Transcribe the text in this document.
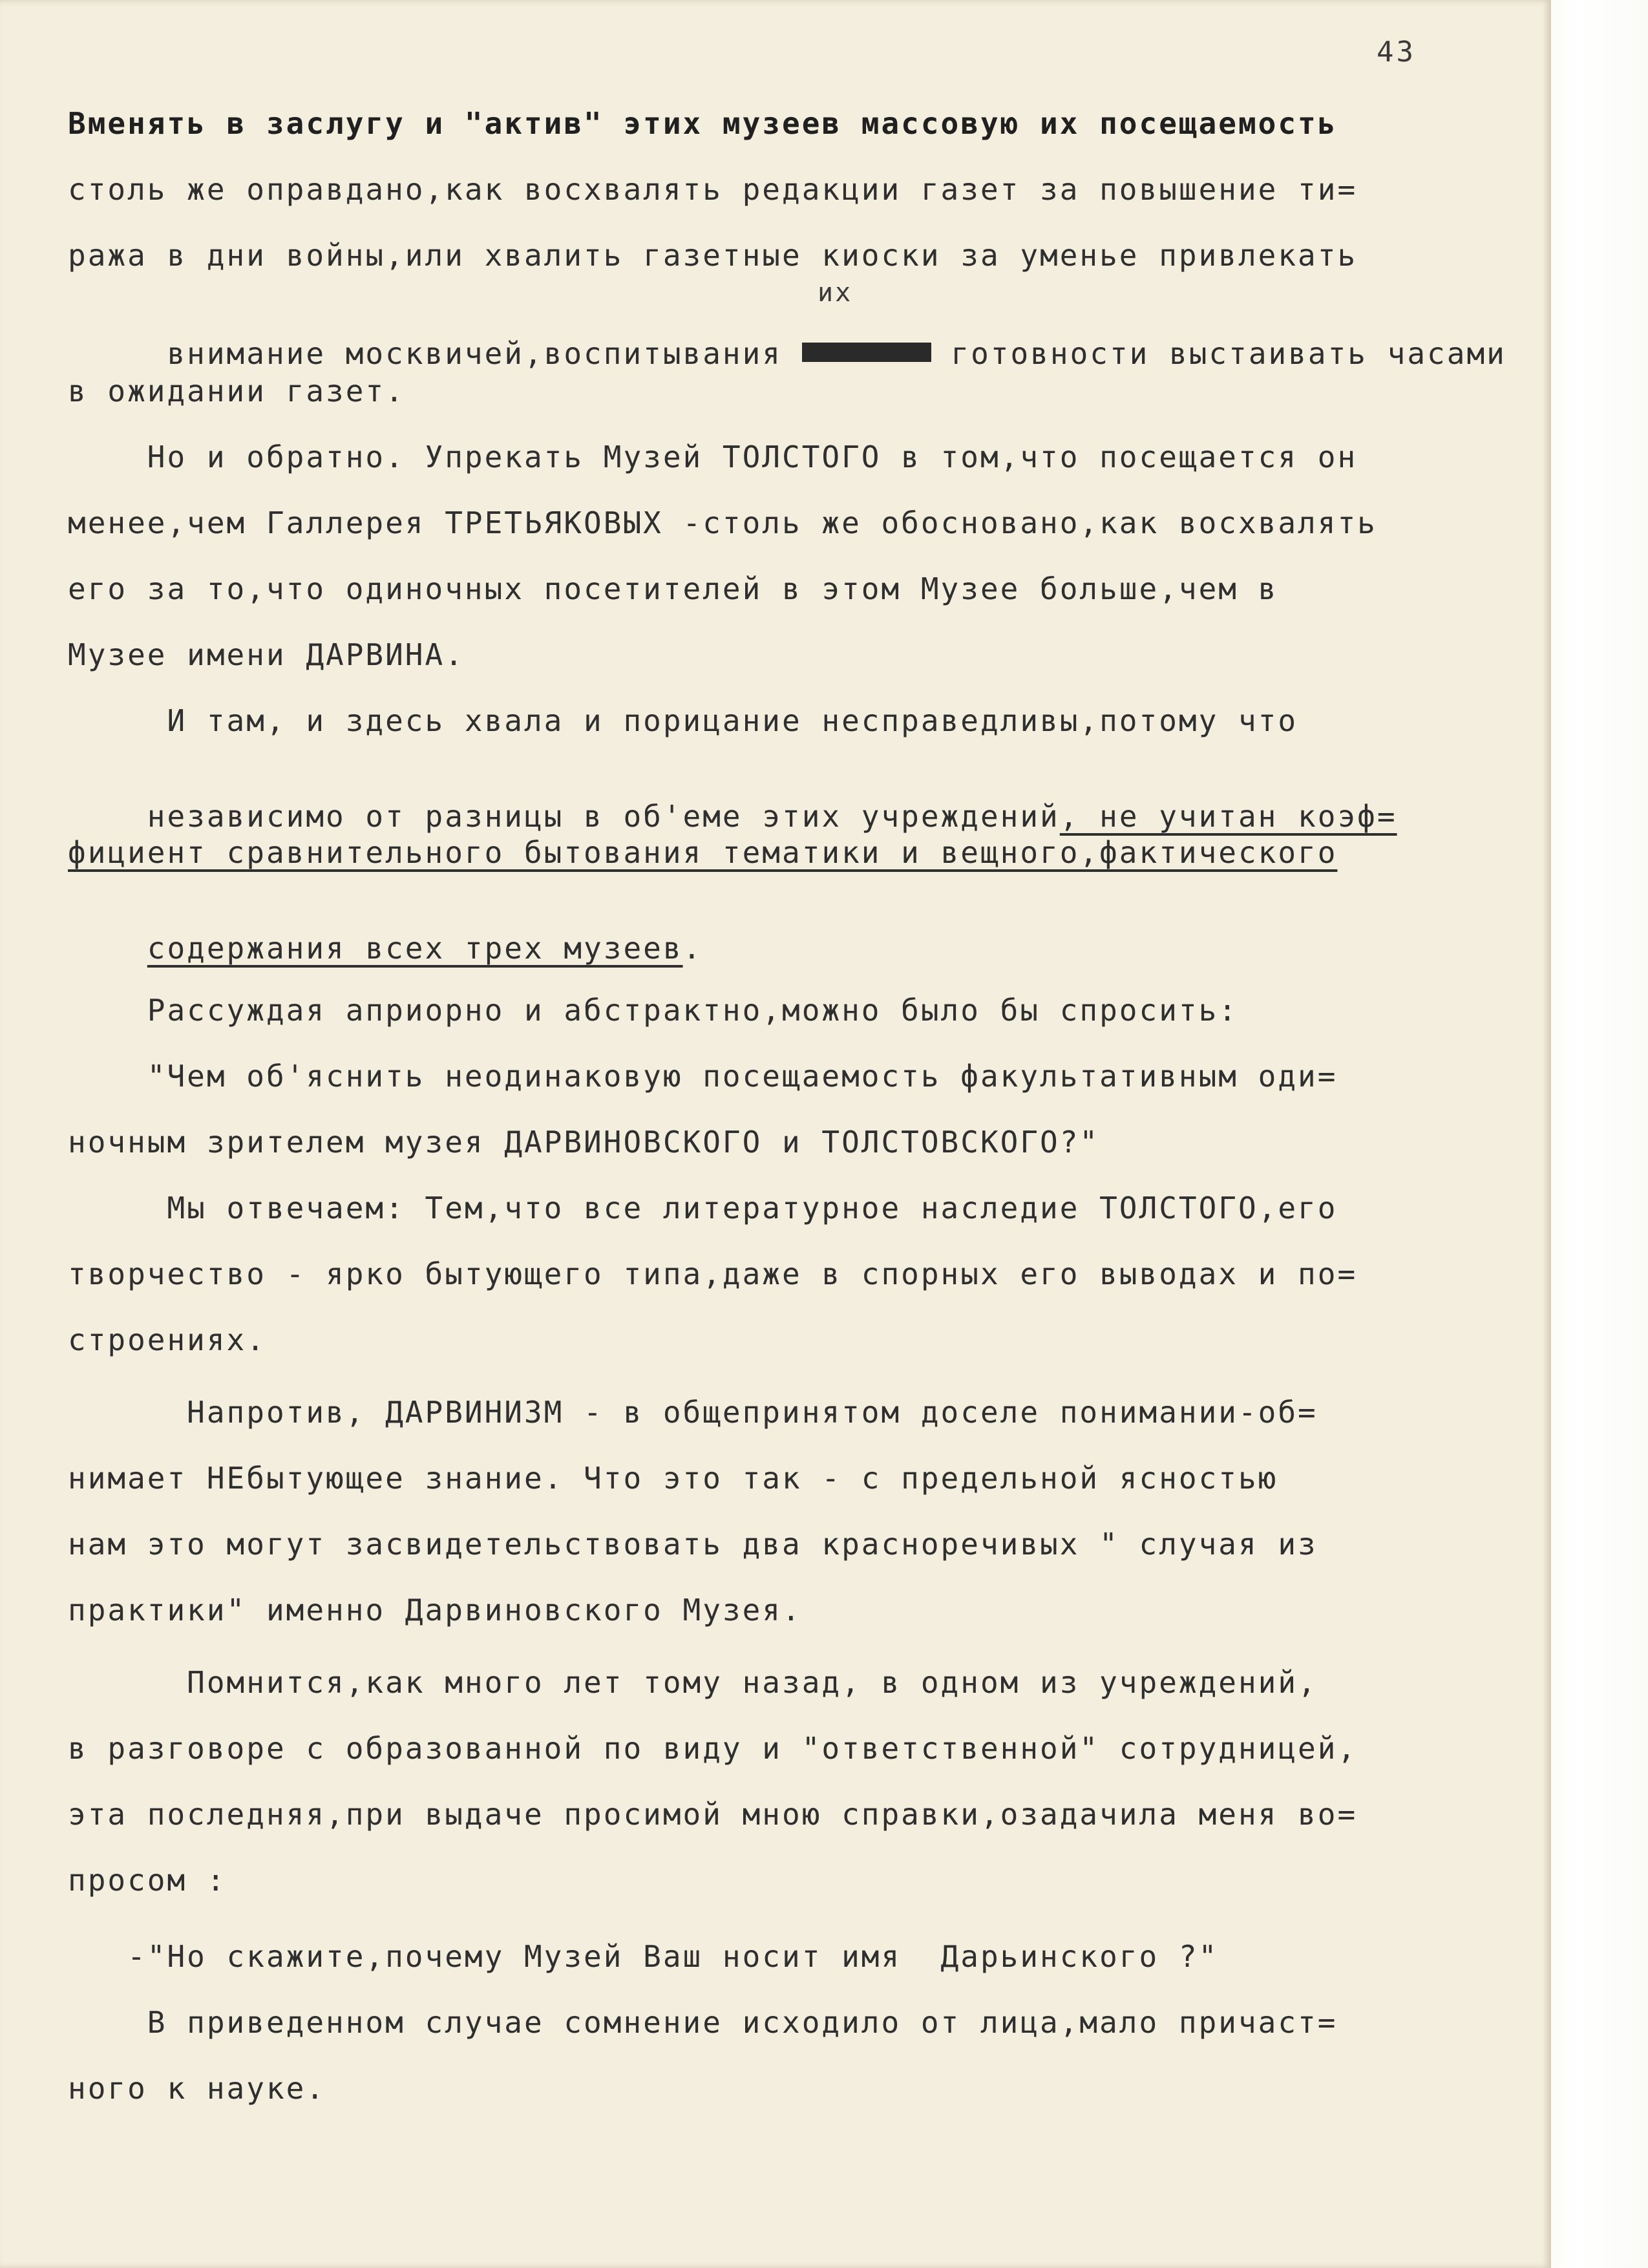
43
Вменять в заслугу и "актив" этих музеев массовую их посещаемость
столь же оправдано,как восхвалять редакции газет за повышение ти=
ража в дни войны,или хвалить газетные киоски за уменье привлекать
их

внимание москвичей,воспитывания	готовности выстаивать часами

в ожидании газет.
Но и обратно. Упрекать Музей ТОЛСТОГО в том,что посещается он
менее,чем Галлерея ТРЕТЬЯКОВЫХ -столь же обосновано,как восхвалять
его за то,что одиночных посетителей в этом Музее больше,чем в
Музее имени ДАРВИНА.
И там, и здесь хвала и порицание несправедливы,потому что

независимо от разницы в об'еме этих учреждений, не учитан коэф=

фициент сравнительного бытования тематики и вещного,фактического

содержания всех трех музеев.

Рассуждая априорно и абстрактно,можно было бы спросить:
"Чем об'яснить неодинаковую посещаемость факультативным оди=
ночным зрителем музея ДАРВИНОВСКОГО и ТОЛСТОВСКОГО?"
Мы отвечаем: Тем,что все литературное наследие ТОЛСТОГО,его
творчество - ярко бытующего типа,даже в спорных его выводах и по=
строениях.
Напротив, ДАРВИНИЗМ - в общепринятом доселе понимании-об=
нимает НЕбытующее знание. Что это так - с предельной ясностью
нам это могут засвидетельствовать два красноречивых " случая из
практики" именно Дарвиновского Музея.
Помнится,как много лет тому назад, в одном из учреждений,
в разговоре с образованной по виду и "ответственной" сотрудницей,
эта последняя,при выдаче просимой мною справки,озадачила меня во=
просом :
-"Но скажите,почему Музей Ваш носит имя  Дарьинского ?"
В приведенном случае сомнение исходило от лица,мало причаст=
ного к науке.
